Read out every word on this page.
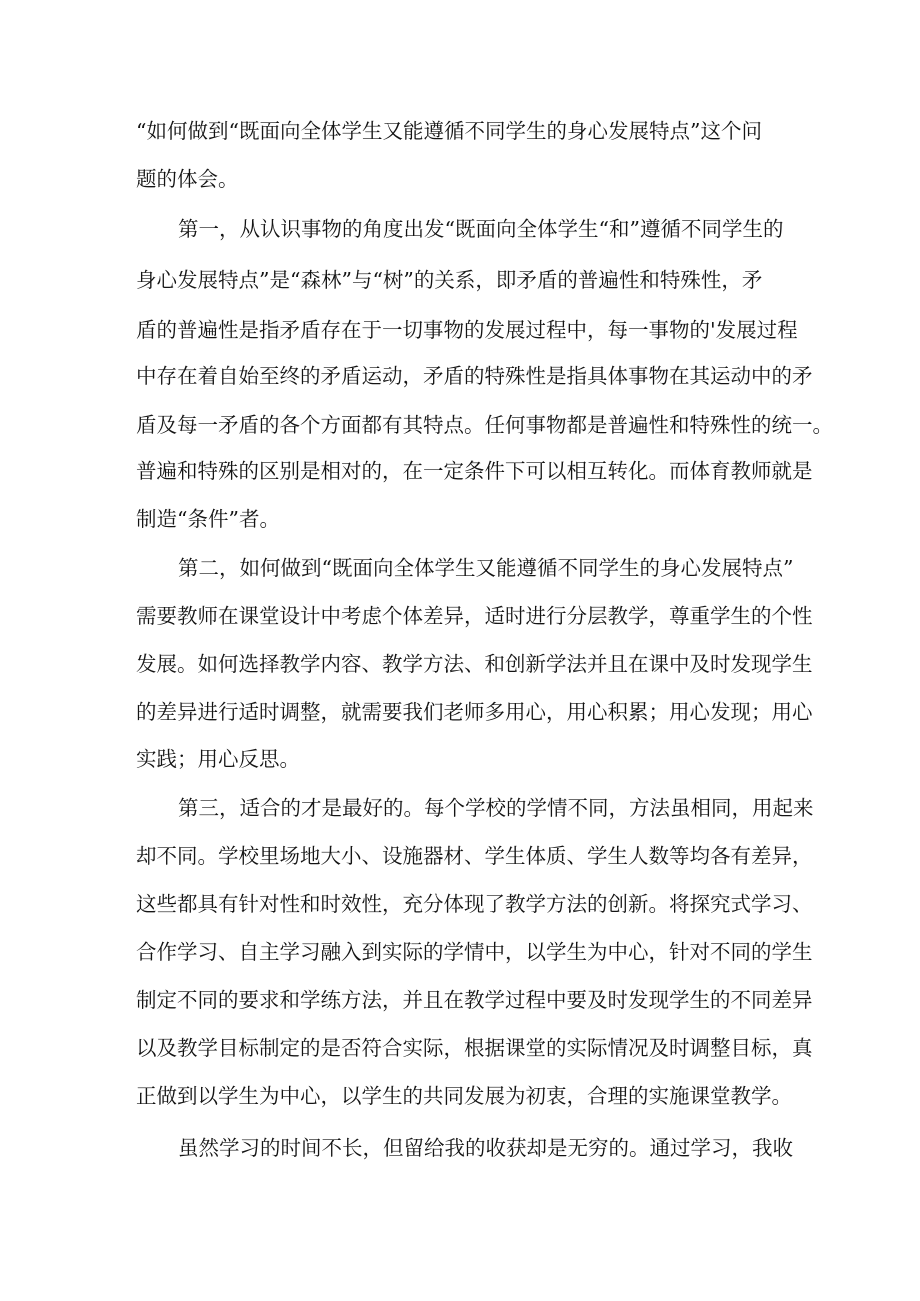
“如何做到“既面向全体学生又能遵循不同学生的身心发展特点”这个问

题的体会。

第一，从认识事物的角度出发“既面向全体学生“和”遵循不同学生的

身心发展特点”是“森林”与“树”的关系，即矛盾的普遍性和特殊性，矛

盾的普遍性是指矛盾存在于一切事物的发展过程中，每一事物的'发展过程

中存在着自始至终的矛盾运动，矛盾的特殊性是指具体事物在其运动中的矛

盾及每一矛盾的各个方面都有其特点。任何事物都是普遍性和特殊性的统一。

普遍和特殊的区别是相对的，在一定条件下可以相互转化。而体育教师就是

制造“条件”者。

第二，如何做到“既面向全体学生又能遵循不同学生的身心发展特点”

需要教师在课堂设计中考虑个体差异，适时进行分层教学，尊重学生的个性

发展。如何选择教学内容、教学方法、和创新学法并且在课中及时发现学生

的差异进行适时调整，就需要我们老师多用心，用心积累；用心发现；用心

实践；用心反思。

第三，适合的才是最好的。每个学校的学情不同，方法虽相同，用起来

却不同。学校里场地大小、设施器材、学生体质、学生人数等均各有差异，

这些都具有针对性和时效性，充分体现了教学方法的创新。将探究式学习、

合作学习、自主学习融入到实际的学情中，以学生为中心，针对不同的学生

制定不同的要求和学练方法，并且在教学过程中要及时发现学生的不同差异

以及教学目标制定的是否符合实际，根据课堂的实际情况及时调整目标，真

正做到以学生为中心，以学生的共同发展为初衷，合理的实施课堂教学。

虽然学习的时间不长，但留给我的收获却是无穷的。通过学习，我收
